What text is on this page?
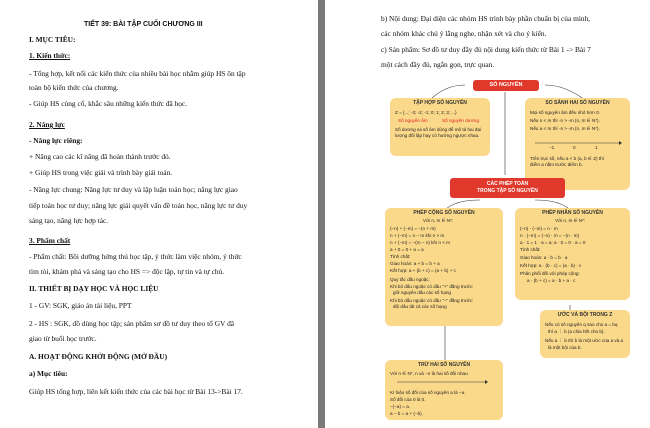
TIẾT 39: BÀI TẬP CUỐI CHƯƠNG III
I. MỤC TIÊU:
1. Kiến thức:
- Tổng hợp, kết nối các kiến thức của nhiều bài học nhằm giúp HS ôn tập
toàn bộ kiến thức của chương.
- Giúp HS củng cố, khắc sâu những kiến thức đã học.
2. Năng lực
- Năng lực riêng:
+ Nâng cao các kĩ năng đã hoàn thành trước đó.
+ Giúp HS trong việc giải và trình bày giải toán.
- Năng lực chung: Năng lực tư duy và lập luận toán học; năng lực giao
tiếp toán học tư duy; năng lực giải quyết vấn đề toán học, năng lực tư duy
sáng tạo, năng lực hợp tác.
3. Phẩm chất
- Phẩm chất: Bồi dưỡng hứng thú học tập, ý thức làm việc nhóm, ý thức
tìm tòi, khám phá và sáng tạo cho HS => độc lập, tự tin và tự chủ.
II. THIẾT BỊ DẠY HỌC VÀ HỌC LIỆU
1 - GV: SGK, giáo án tài liệu, PPT
2 - HS : SGK, đồ dùng học tập; sản phẩm sơ đồ tư duy theo tổ GV đã
giao từ buổi học trước.
A. HOẠT ĐỘNG KHỞI ĐỘNG (MỞ ĐẦU)
a) Mục tiêu:
Giúp HS tổng hợp, liên kết kiến thức của các bài học từ Bài 13->Bài 17.
b) Nội dung: Đại diện các nhóm HS trình bày phần chuẩn bị của mình,
các nhóm khác chú ý lắng nghe, nhận xét và cho ý kiến.
c) Sản phẩm: Sơ đồ tư duy đầy đủ nội dung kiến thức từ Bài 1 -> Bài 7
một cách đầy đủ, ngắn gọn, trực quan.
SỐ NGUYÊN
TẬP HỢP SỐ NGUYÊN
Z = {...; -3; -2; -1; 0; 1; 2; 3; ...}
Số nguyên âm	Số nguyên dương
Số dương và số âm dùng để mô tả hai đại
lượng đối lập hay có hướng ngược nhau.
SO SÁNH HAI SỐ NGUYÊN
Mọi số nguyên âm đều nhỏ hơn 0.
Nếu n < m thì -n > -m (n, m ∈ N*).
Nếu a < m thì -n > -m (n, m ∈ N*).
−1	0	1
Trên trục số, nếu a < b (a, b ∈ Z) thì
điểm a nằm trước điểm b.
CÁC PHÉP TOÁN
TRONG TẬP SỐ NGUYÊN
PHÉP CỘNG SỐ NGUYÊN
Với n, m ∈ N*:
(−n) + (−m) = −(n + m)
n + (−m) = n − m khi n > m
n + (−m) = −(m − n) khi n < m
a + 0 = 0 + a = a
Tính chất:
Giao hoán: a + b = b + a
Kết hợp: a + (b + c) = (a + b) + c
Quy tắc dấu ngoặc:
Khi bỏ dấu ngoặc có dấu "+" đằng trước:
giữ nguyên dấu các số hạng
Khi bỏ dấu ngoặc có dấu "−" đằng trước:
đổi dấu tất cả các số hạng
PHÉP NHÂN SỐ NGUYÊN
Với n, m ∈ N*:
(−n) · (−m) = n · m
n · (−m) = (−n) · m = −(n · m)
a · 1 = 1 · a = a; a · 0 = 0 · a = 0
Tính chất:
Giao hoán: a · b = b · a
Kết hợp: a · (b · c) = (a · b) · c
Phân phối đối với phép cộng:
a · (b + c) = a · b + a · c
ƯỚC VÀ BỘI TRONG Z
Nếu có số nguyên q sao cho a = bq
thì a ⋮ b (a chia hết cho b).
Nếu a ⋮ b thì b là một ước của a và a
là một bội của b.
TRỪ HAI SỐ NGUYÊN
Với n ∈ N*, n và −n là hai số đối nhau
Kí hiệu số đối của số nguyên a là −a.
Số đối của 0 là 0.
−(−a) = a.
a − b = a + (−b).
